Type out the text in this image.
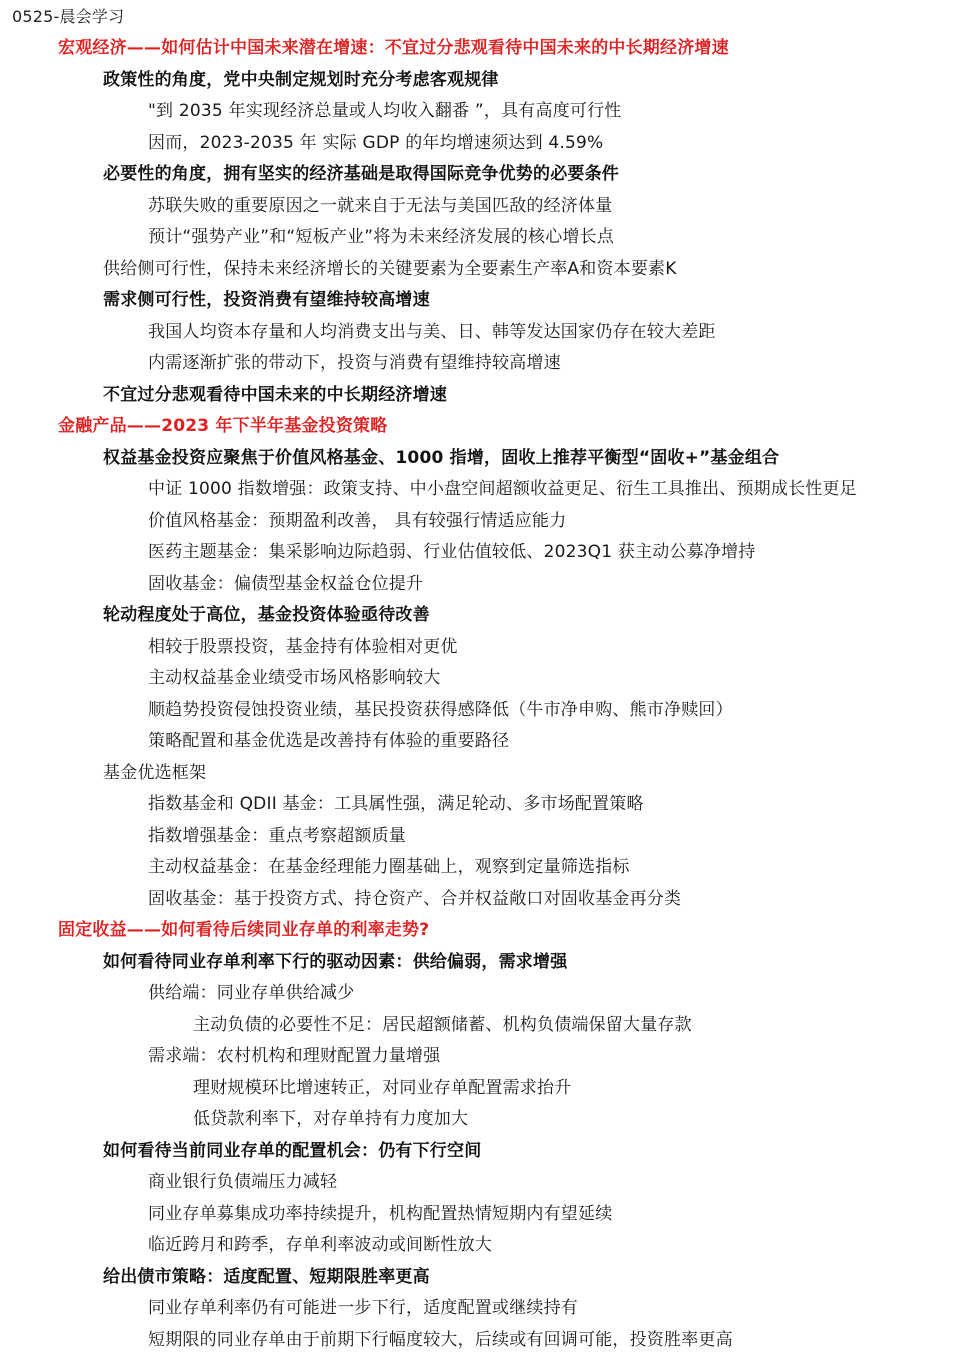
0525-晨会学习
宏观经济——如何估计中国未来潜在增速：不宜过分悲观看待中国未来的中长期经济增速
政策性的角度，党中央制定规划时充分考虑客观规律
"到 2035 年实现经济总量或人均收入翻番 ”，具有高度可行性
因而，2023-2035 年 实际 GDP 的年均增速须达到 4.59%
必要性的角度，拥有坚实的经济基础是取得国际竞争优势的必要条件
苏联失败的重要原因之一就来自于无法与美国匹敌的经济体量
预计“强势产业”和“短板产业”将为未来经济发展的核心增长点
供给侧可行性，保持未来经济增长的关键要素为全要素生产率A和资本要素K
需求侧可行性，投资消费有望维持较高增速
我国人均资本存量和人均消费支出与美、日、韩等发达国家仍存在较大差距
内需逐渐扩张的带动下，投资与消费有望维持较高增速
不宜过分悲观看待中国未来的中长期经济增速
金融产品——2023 年下半年基金投资策略
权益基金投资应聚焦于价值风格基金、1000 指增，固收上推荐平衡型“固收+”基金组合
中证 1000 指数增强：政策支持、中小盘空间超额收益更足、衍生工具推出、预期成长性更足
价值风格基金：预期盈利改善， 具有较强行情适应能力
医药主题基金：集采影响边际趋弱、行业估值较低、2023Q1 获主动公募净增持
固收基金：偏债型基金权益仓位提升
轮动程度处于高位，基金投资体验亟待改善
相较于股票投资，基金持有体验相对更优
主动权益基金业绩受市场风格影响较大
顺趋势投资侵蚀投资业绩，基民投资获得感降低（牛市净申购、熊市净赎回）
策略配置和基金优选是改善持有体验的重要路径
基金优选框架
指数基金和 QDII 基金：工具属性强，满足轮动、多市场配置策略
指数增强基金：重点考察超额质量
主动权益基金：在基金经理能力圈基础上，观察到定量筛选指标
固收基金：基于投资方式、持仓资产、合并权益敞口对固收基金再分类
固定收益——如何看待后续同业存单的利率走势?
如何看待同业存单利率下行的驱动因素：供给偏弱，需求增强
供给端：同业存单供给减少
主动负债的必要性不足：居民超额储蓄、机构负债端保留大量存款
需求端：农村机构和理财配置力量增强
理财规模环比增速转正，对同业存单配置需求抬升
低贷款利率下，对存单持有力度加大
如何看待当前同业存单的配置机会：仍有下行空间
商业银行负债端压力减轻
同业存单募集成功率持续提升，机构配置热情短期内有望延续
临近跨月和跨季，存单利率波动或间断性放大
给出债市策略：适度配置、短期限胜率更高
同业存单利率仍有可能进一步下行，适度配置或继续持有
短期限的同业存单由于前期下行幅度较大，后续或有回调可能，投资胜率更高
